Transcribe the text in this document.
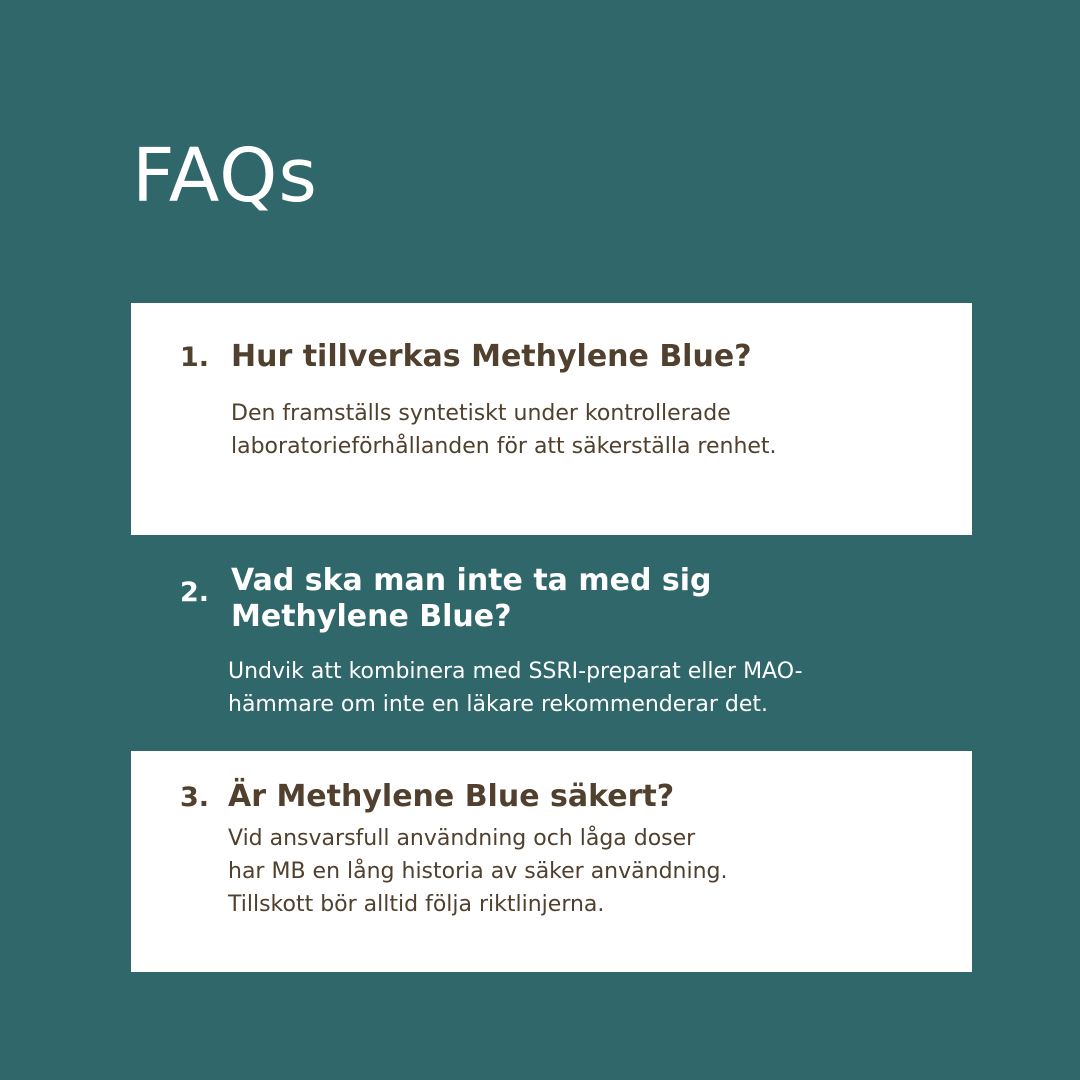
FAQs
1. Hur tillverkas Methylene Blue?

Den framställs syntetiskt under kontrollerade
laboratorieförhållanden för att säkerställa renhet.

2. Vad ska man inte ta med sig
Methylene Blue?

Undvik att kombinera med SSRI-preparat eller MAO-
hämmare om inte en läkare rekommenderar det.

3. Är Methylene Blue säkert?

Vid ansvarsfull användning och låga doser
har MB en lång historia av säker användning.
Tillskott bör alltid följa riktlinjerna.
